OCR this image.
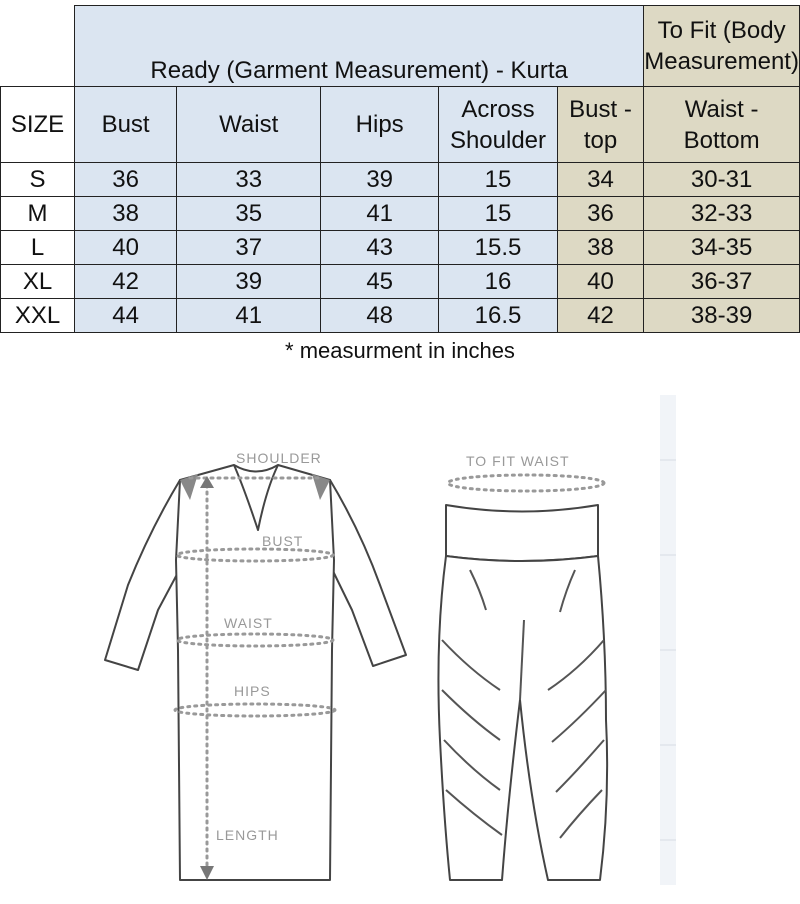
	Ready (Garment Measurement) - Kurta					To Fit (Body Measurement)
SIZE	Bust	Waist	Hips	Across Shoulder	Bust - top	Waist - Bottom
S	36	33	39	15	34	30-31
M	38	35	41	15	36	32-33
L	40	37	43	15.5	38	34-35
XL	42	39	45	16	40	36-37
XXL	44	41	48	16.5	42	38-39
* measurment in inches
SHOULDER
BUST
WAIST
HIPS
LENGTH
TO FIT WAIST
